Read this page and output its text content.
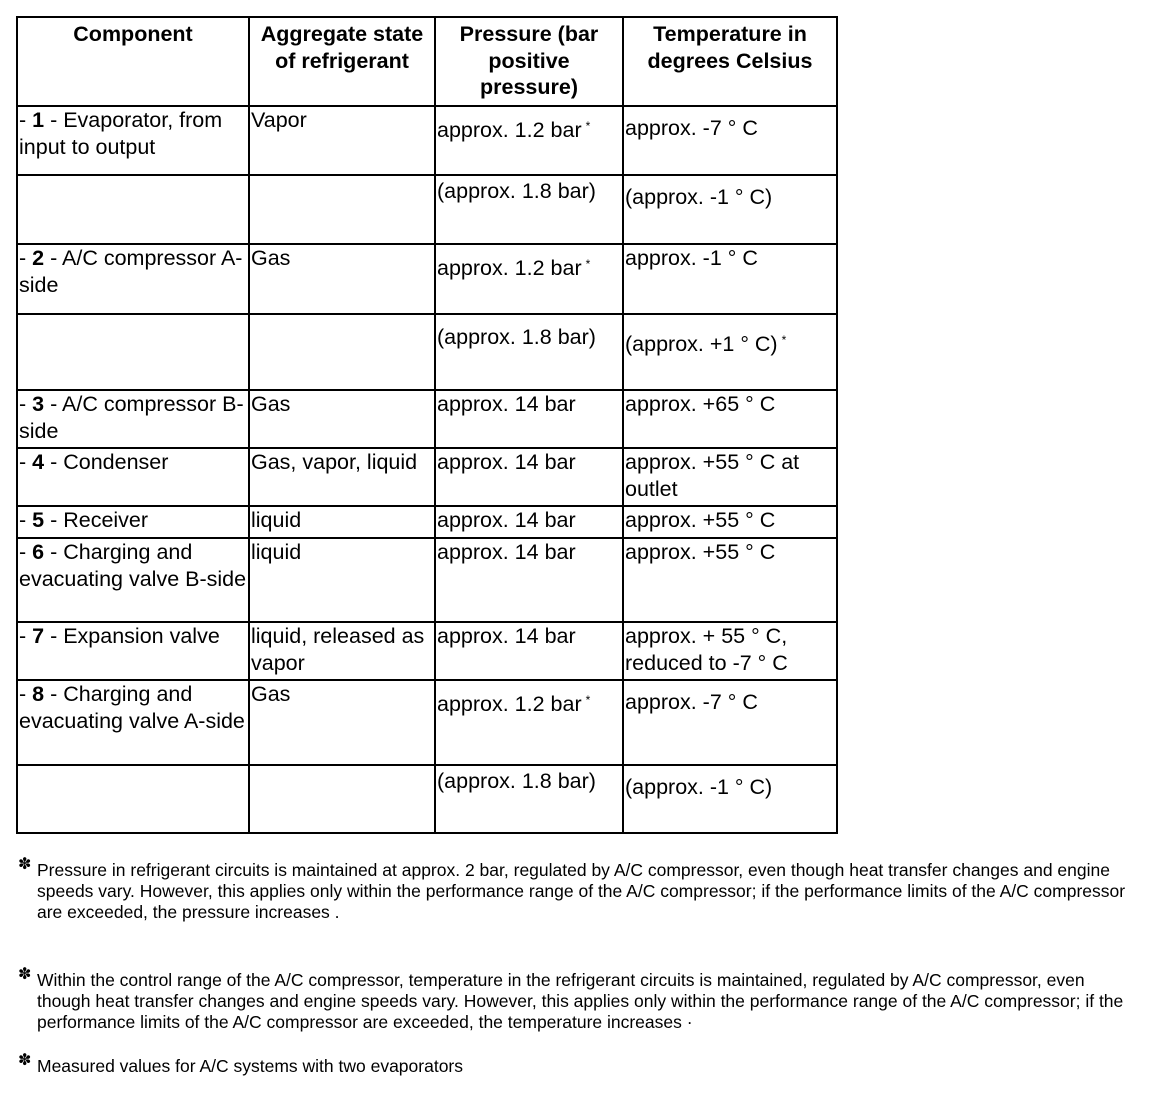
Component	Aggregate state of refrigerant	Pressure (bar positive pressure)	Temperature in degrees Celsius
- 1 - Evaporator, from input to output	Vapor	approx. 1.2 bar *	approx. -7 ° C
		(approx. 1.8 bar)	(approx. -1 ° C)
- 2 - A/C compressor A- side	Gas	approx. 1.2 bar *	approx. -1 ° C
		(approx. 1.8 bar)	(approx. +1 ° C) *
- 3 - A/C compressor B- side	Gas	approx. 14 bar	approx. +65 ° C
- 4 - Condenser	Gas, vapor, liquid	approx. 14 bar	approx. +55 ° C at outlet
- 5 - Receiver	liquid	approx. 14 bar	approx. +55 ° C
- 6 - Charging and evacuating valve B-side	liquid	approx. 14 bar	approx. +55 ° C
- 7 - Expansion valve	liquid, released as vapor	approx. 14 bar	approx. + 55 ° C, reduced to -7 ° C
- 8 - Charging and evacuating valve A-side	Gas	approx. 1.2 bar *	approx. -7 ° C
		(approx. 1.8 bar)	(approx. -1 ° C)
✽ Pressure in refrigerant circuits is maintained at approx. 2 bar, regulated by A/C compressor, even though heat transfer changes and engine speeds vary. However, this applies only within the performance range of the A/C compressor; if the performance limits of the A/C compressor are exceeded, the pressure increases .
✽ Within the control range of the A/C compressor, temperature in the refrigerant circuits is maintained, regulated by A/C compressor, even though heat transfer changes and engine speeds vary. However, this applies only within the performance range of the A/C compressor; if the performance limits of the A/C compressor are exceeded, the temperature increases ·
✽ Measured values for A/C systems with two evaporators
